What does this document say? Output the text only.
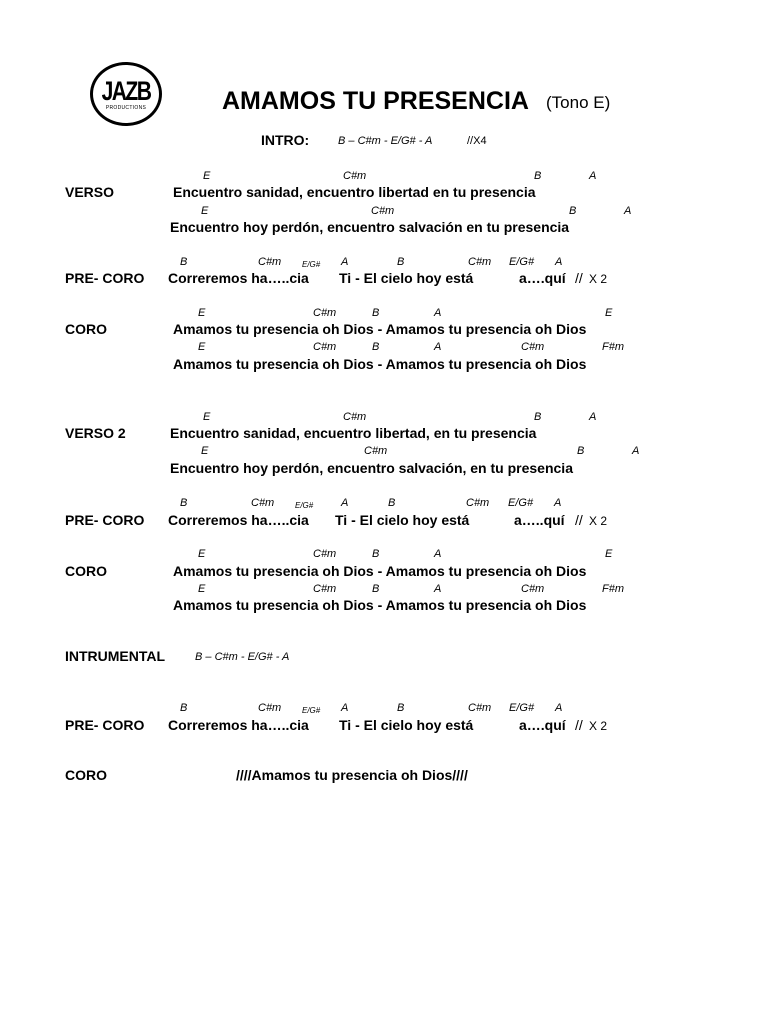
JAZB
PRODUCTIONS	AMAMOS TU PRESENCIA (Tono E)
INTRO:	B – C#m - E/G# - A	//X4
E	C#m	B	A
VERSO	Encuentro sanidad, encuentro libertad en tu presencia
E	C#m	B	A
Encuentro hoy perdón, encuentro salvación en tu presencia
B	C#m	E/G# A	B	C#m E/G# A
PRE- CORO Correremos ha…..cia Ti - El cielo hoy está	a….quí // X 2
E	C#m	B	A	E
CORO	Amamos tu presencia oh Dios - Amamos tu presencia oh Dios
E	C#m	B	A	C#m	F#m
Amamos tu presencia oh Dios - Amamos tu presencia oh Dios
E	C#m	B	A
VERSO 2	Encuentro sanidad, encuentro libertad, en tu presencia
E	C#m	B	A
Encuentro hoy perdón, encuentro salvación, en tu presencia
B	C#m	E/G#	A	B	C#m E/G# A
PRE- CORO Correremos ha…..cia Ti - El cielo hoy está	a…..quí // X 2
E	C#m	B	A	E
CORO	Amamos tu presencia oh Dios - Amamos tu presencia oh Dios
E	C#m	B	A	C#m	F#m
Amamos tu presencia oh Dios - Amamos tu presencia oh Dios
INTRUMENTAL	B – C#m - E/G# - A
B	C#m	E/G# A	B	C#m E/G# A
PRE- CORO Correremos ha…..cia Ti - El cielo hoy está	a….quí // X 2
CORO	////Amamos tu presencia oh Dios////
